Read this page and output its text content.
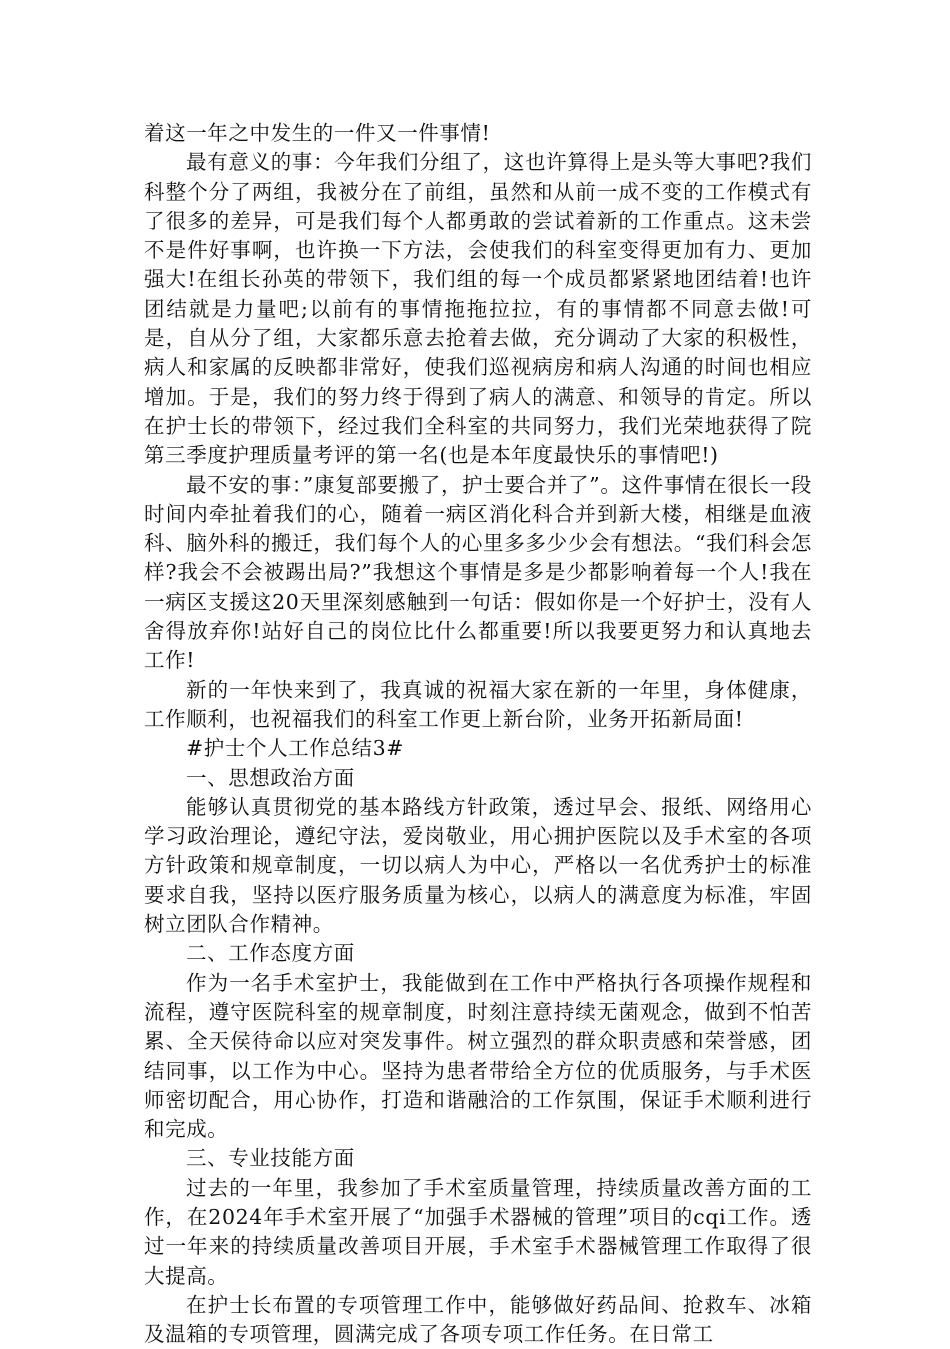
着这一年之中发生的一件又一件事情!

最有意义的事：今年我们分组了，这也许算得上是头等大事吧?我们科整个分了两组，我被分在了前组，虽然和从前一成不变的工作模式有了很多的差异，可是我们每个人都勇敢的尝试着新的工作重点。这未尝不是件好事啊，也许换一下方法，会使我们的科室变得更加有力、更加强大!在组长孙英的带领下，我们组的每一个成员都紧紧地团结着!也许团结就是力量吧;以前有的事情拖拖拉拉，有的事情都不同意去做!可是，自从分了组，大家都乐意去抢着去做，充分调动了大家的积极性，病人和家属的反映都非常好，使我们巡视病房和病人沟通的时间也相应增加。于是，我们的努力终于得到了病人的满意、和领导的肯定。所以在护士长的带领下，经过我们全科室的共同努力，我们光荣地获得了院第三季度护理质量考评的第一名(也是本年度最快乐的事情吧!)

最不安的事：”康复部要搬了，护士要合并了”。这件事情在很长一段时间内牵扯着我们的心，随着一病区消化科合并到新大楼，相继是血液科、脑外科的搬迁，我们每个人的心里多多少少会有想法。“我们科会怎样?我会不会被踢出局?”我想这个事情是多是少都影响着每一个人!我在一病区支援这20天里深刻感触到一句话：假如你是一个好护士，没有人舍得放弃你!站好自己的岗位比什么都重要!所以我要更努力和认真地去工作!

新的一年快来到了，我真诚的祝福大家在新的一年里，身体健康，工作顺利，也祝福我们的科室工作更上新台阶，业务开拓新局面!

#护士个人工作总结3#

一、思想政治方面

能够认真贯彻党的基本路线方针政策，透过早会、报纸、网络用心学习政治理论，遵纪守法，爱岗敬业，用心拥护医院以及手术室的各项方针政策和规章制度，一切以病人为中心，严格以一名优秀护士的标准要求自我，坚持以医疗服务质量为核心，以病人的满意度为标准，牢固树立团队合作精神。

二、工作态度方面

作为一名手术室护士，我能做到在工作中严格执行各项操作规程和流程，遵守医院科室的规章制度，时刻注意持续无菌观念，做到不怕苦累、全天侯待命以应对突发事件。树立强烈的群众职责感和荣誉感，团结同事，以工作为中心。坚持为患者带给全方位的优质服务，与手术医师密切配合，用心协作，打造和谐融洽的工作氛围，保证手术顺利进行和完成。

三、专业技能方面

过去的一年里，我参加了手术室质量管理，持续质量改善方面的工作，在2024年手术室开展了“加强手术器械的管理”项目的cqi工作。透过一年来的持续质量改善项目开展，手术室手术器械管理工作取得了很大提高。

在护士长布置的专项管理工作中，能够做好药品间、抢救车、冰箱及温箱的专项管理，圆满完成了各项专项工作任务。在日常工
